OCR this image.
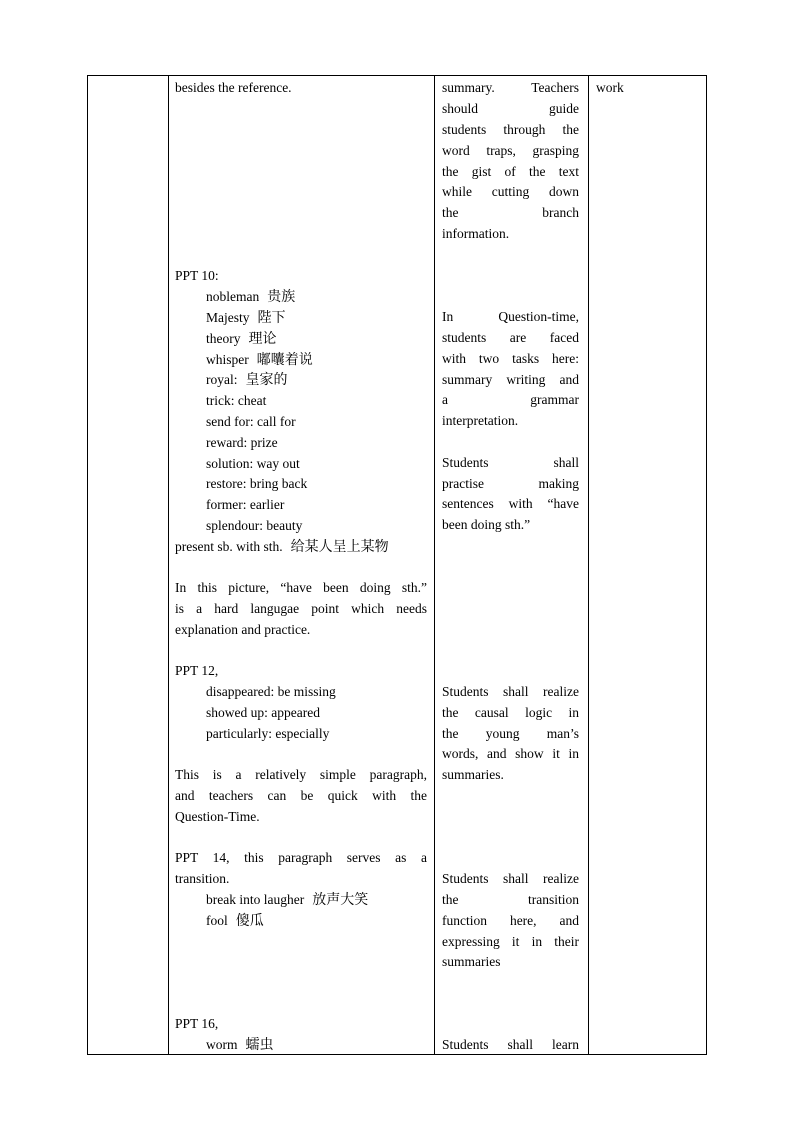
besides the reference.
PPT 10:
nobleman 贵族
Majesty 陛下
theory 理论
whisper 嘟囔着说
royal: 皇家的
trick: cheat
send for: call for
reward: prize
solution: way out
restore: bring back
former: earlier
splendour: beauty
present sb. with sth. 给某人呈上某物
In this picture, “have been doing sth.”
is a hard langugae point which needs
explanation and practice.
PPT 12,
disappeared: be missing
showed up: appeared
particularly: especially
This is a relatively simple paragraph,
and teachers can be quick with the
Question-Time.
PPT 14, this paragraph serves as a
transition.
break into laugher 放声大笑
fool 傻瓜
PPT 16,
worm 蠕虫
summary. Teachers
should guide
students through the
word traps, grasping
the gist of the text
while cutting down
the branch
information.
In Question-time,
students are faced
with two tasks here:
summary writing and
a grammar
interpretation.
Students shall
practise making
sentences with “have
been doing sth.”
Students shall realize
the causal logic in
the young man’s
words, and show it in
summaries.
Students shall realize
the transition
function here, and
expressing it in their
summaries
Students shall learn
work
